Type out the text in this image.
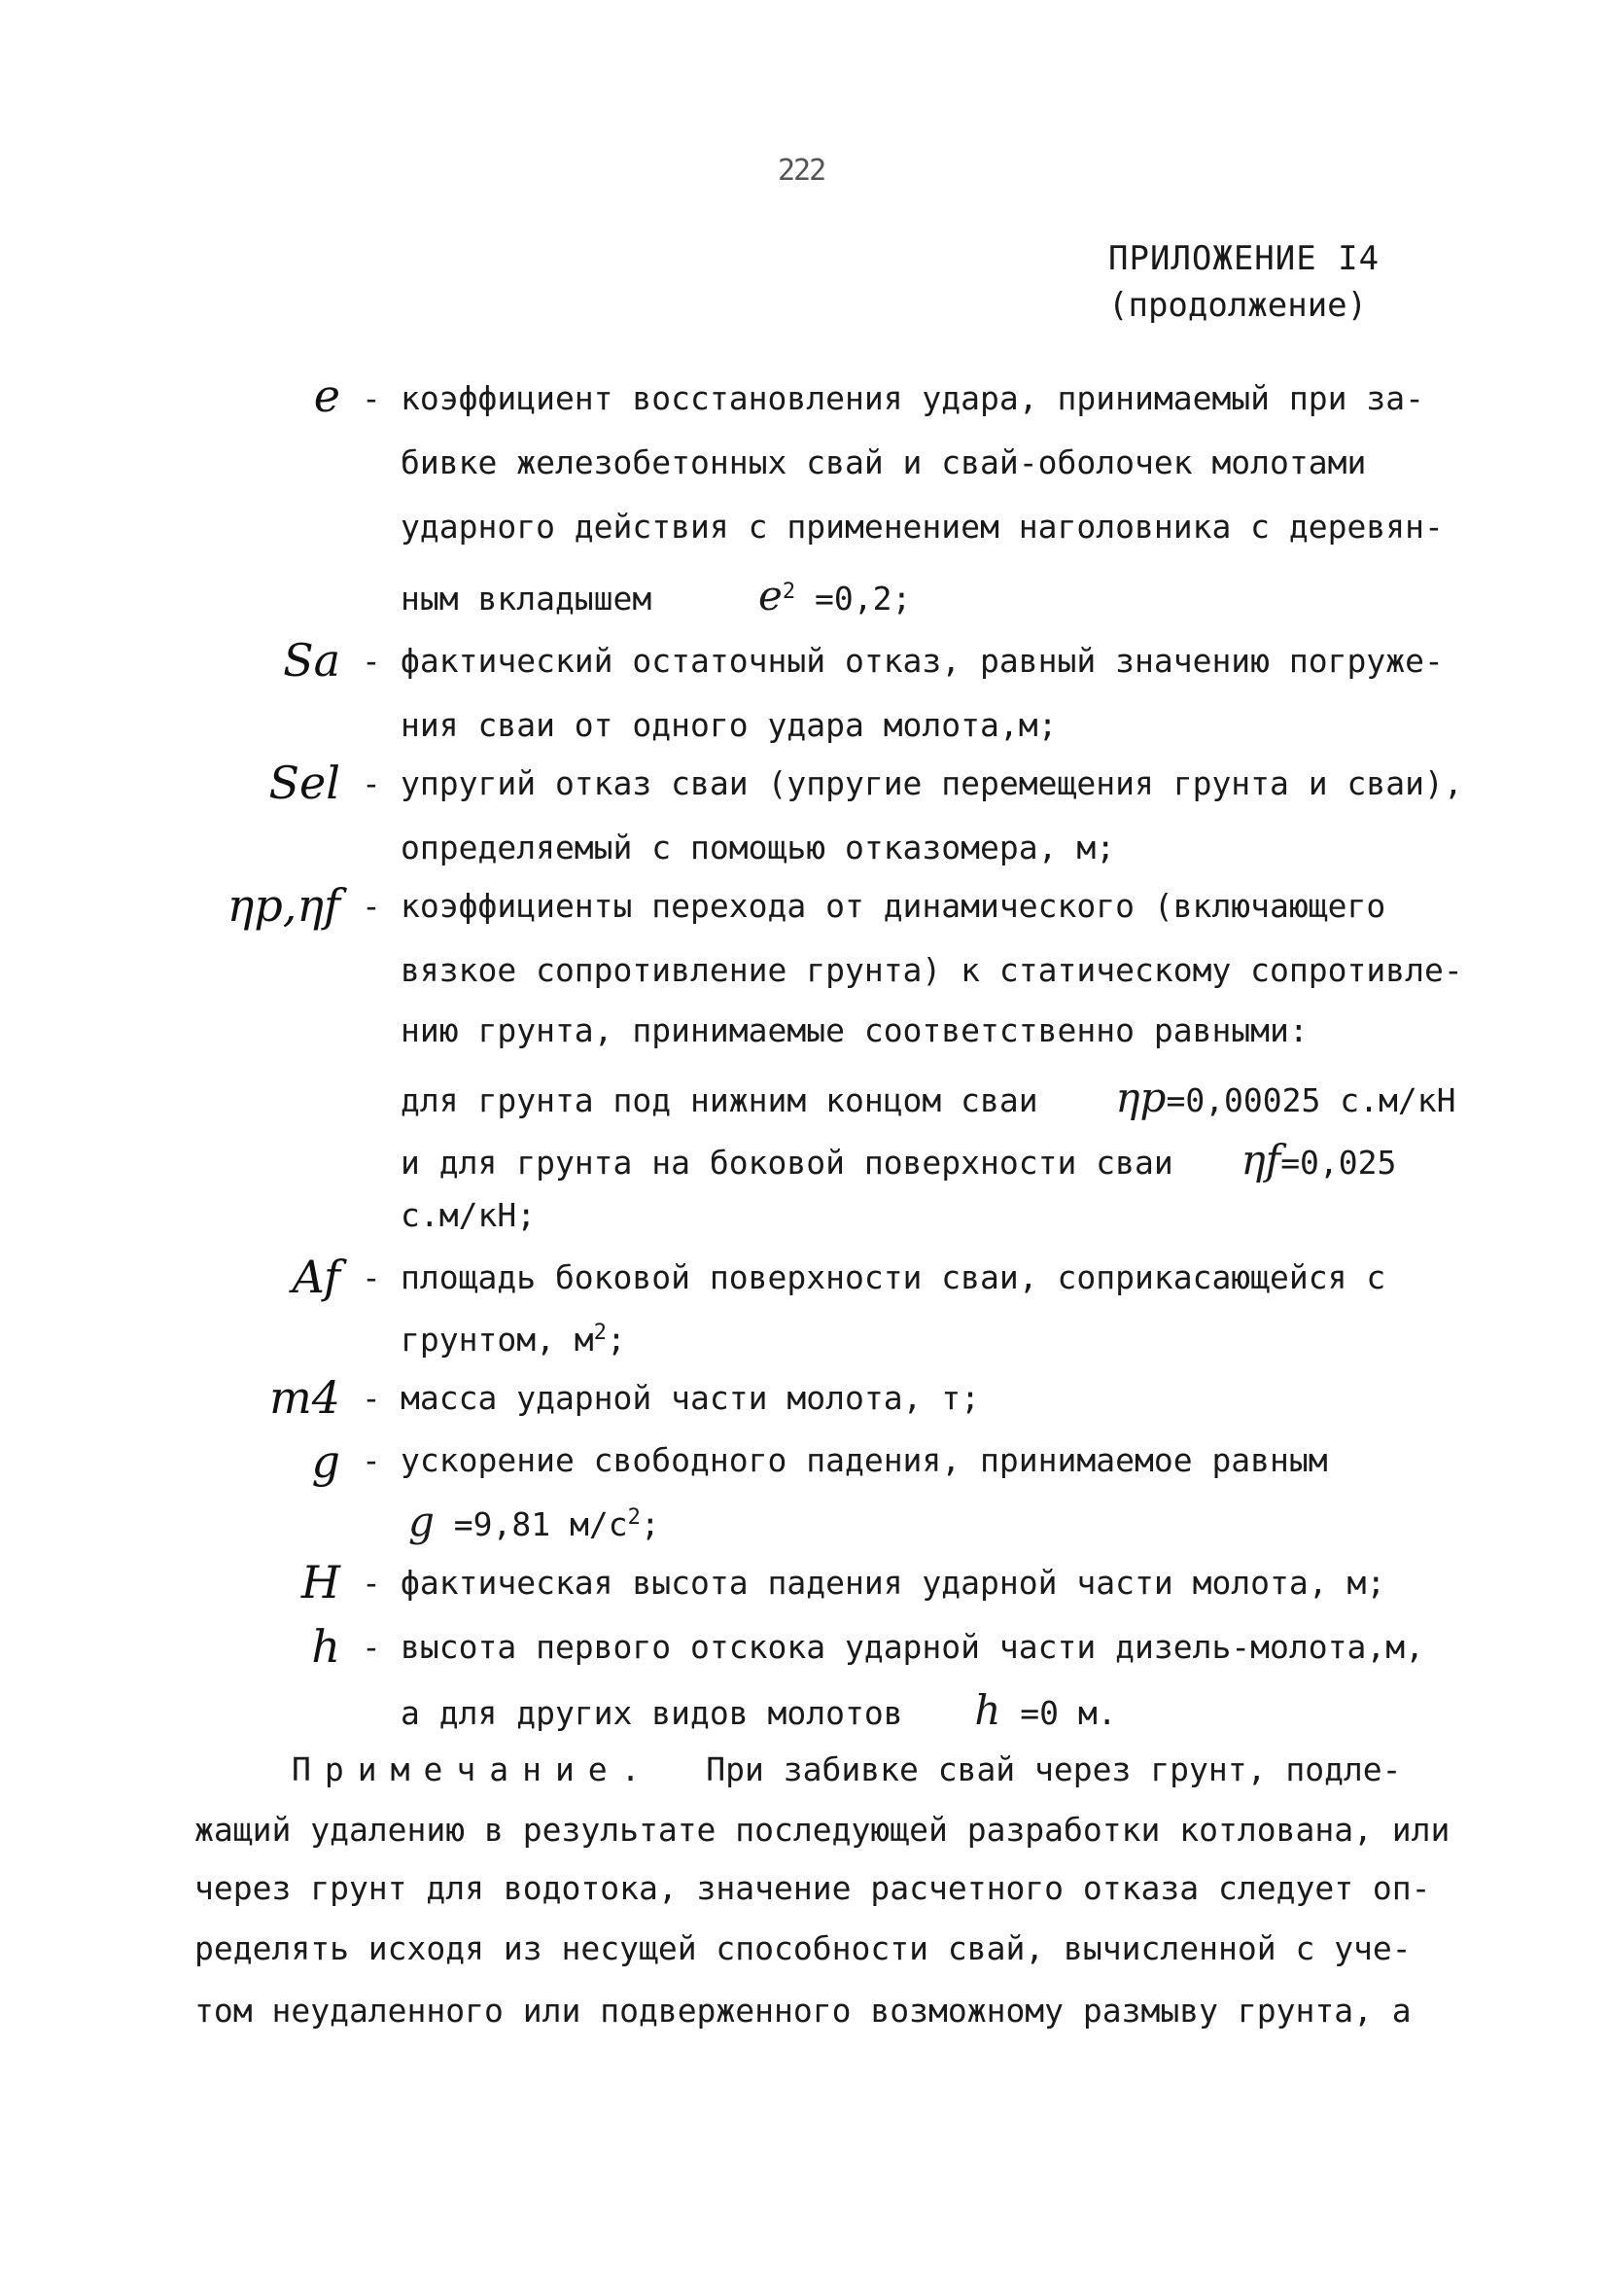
222
ПРИЛОЖЕНИЕ I4
(продолжение)
e - коэффициент восстановления удара, принимаемый при за-
бивке железобетонных свай и свай-оболочек молотами
ударного действия с применением наголовника с деревян-
ным вкладышем	$e^2 =0,2$;
Sa - фактический остаточный отказ, равный значению погруже-
ния сваи от одного удара молота,м;
Sel - упругий отказ сваи (упругие перемещения грунта и сваи),
определяемый с помощью отказомера, м;
ηp,ηf - коэффициенты перехода от динамического (включающего
вязкое сопротивление грунта) к статическому сопротивле-
нию грунта, принимаемые соответственно равными:
для грунта под нижним концом сваи ηp=0,00025 с.м/кН
и для грунта на боковой поверхности сваи ηf=0,025
с.м/кН;
Af - площадь боковой поверхности сваи, соприкасающейся с
грунтом, $м^2$;
m4 - масса ударной части молота, т;
g - ускорение свободного падения, принимаемое равным
g =9,81 $м/с^2$;
H - фактическая высота падения ударной части молота, м;
h - высота первого отскока ударной части дизель-молота,м,
а для других видов молотов h =0 м.
Примечание. При забивке свай через грунт, подле-
жащий удалению в результате последующей разработки котлована, или
через грунт для водотока, значение расчетного отказа следует оп-
ределять исходя из несущей способности свай, вычисленной с уче-
том неудаленного или подверженного возможному размыву грунта, а
